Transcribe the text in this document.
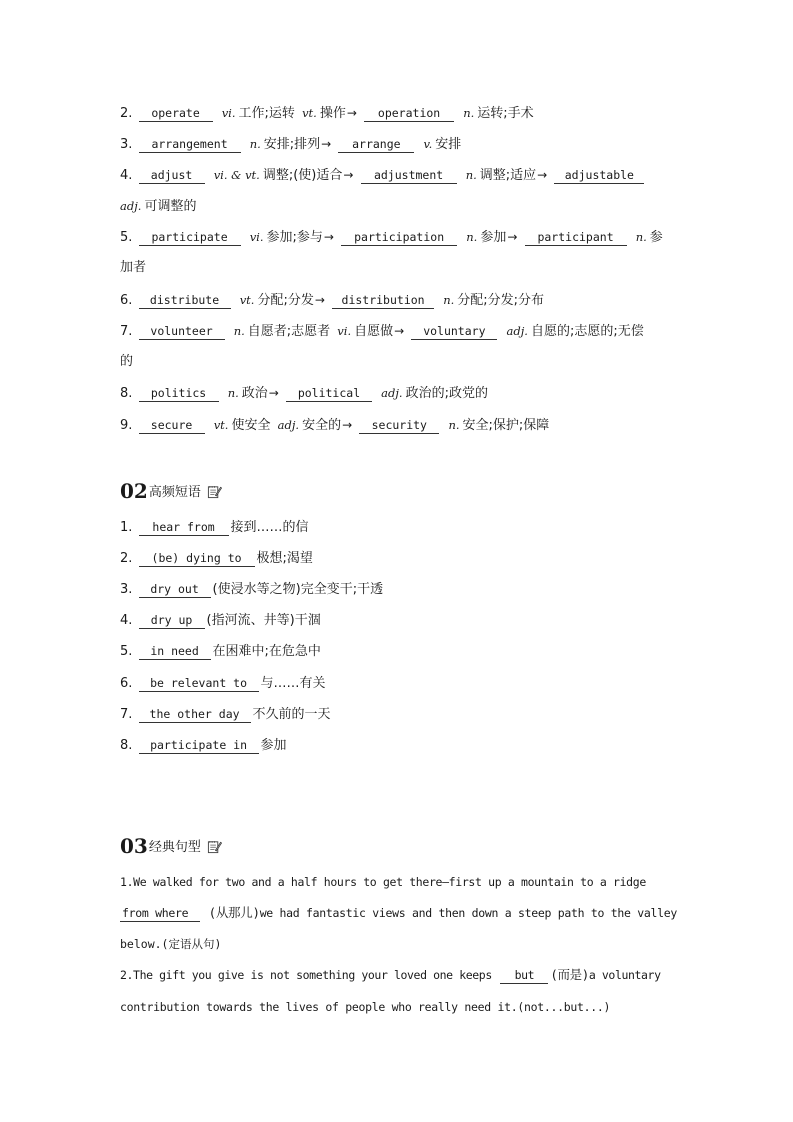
2. operate vi. 工作;运转 vt. 操作→ operation n. 运转;手术
3. arrangement n. 安排;排列→ arrange v. 安排
4. adjust vi. & vt. 调整;(使)适合→ adjustment n. 调整;适应→ adjustable
adj. 可调整的
5. participate vi. 参加;参与→ participation n. 参加→ participant n. 参
加者
6. distribute vt. 分配;分发→ distribution n. 分配;分发;分布
7. volunteer n. 自愿者;志愿者 vi. 自愿做→ voluntary adj. 自愿的;志愿的;无偿
的
8. politics n. 政治→ political adj. 政治的;政党的
9. secure vt. 使安全 adj. 安全的→ security n. 安全;保护;保障
02 高频短语
1. hear from 接到……的信
2. (be) dying to 极想;渴望
3. dry out (使浸水等之物)完全变干;干透
4. dry up (指河流、井等)干涸
5. in need 在困难中;在危急中
6. be relevant to 与……有关
7. the other day 不久前的一天
8. participate in 参加
03 经典句型
1.We walked for two and a half hours to get there—first up a mountain to a ridge
from where (从那儿)we had fantastic views and then down a steep path to the valley
below.(定语从句)
2.The gift you give is not something your loved one keeps but (而是)a voluntary
contribution towards the lives of people who really need it.(not...but...)
